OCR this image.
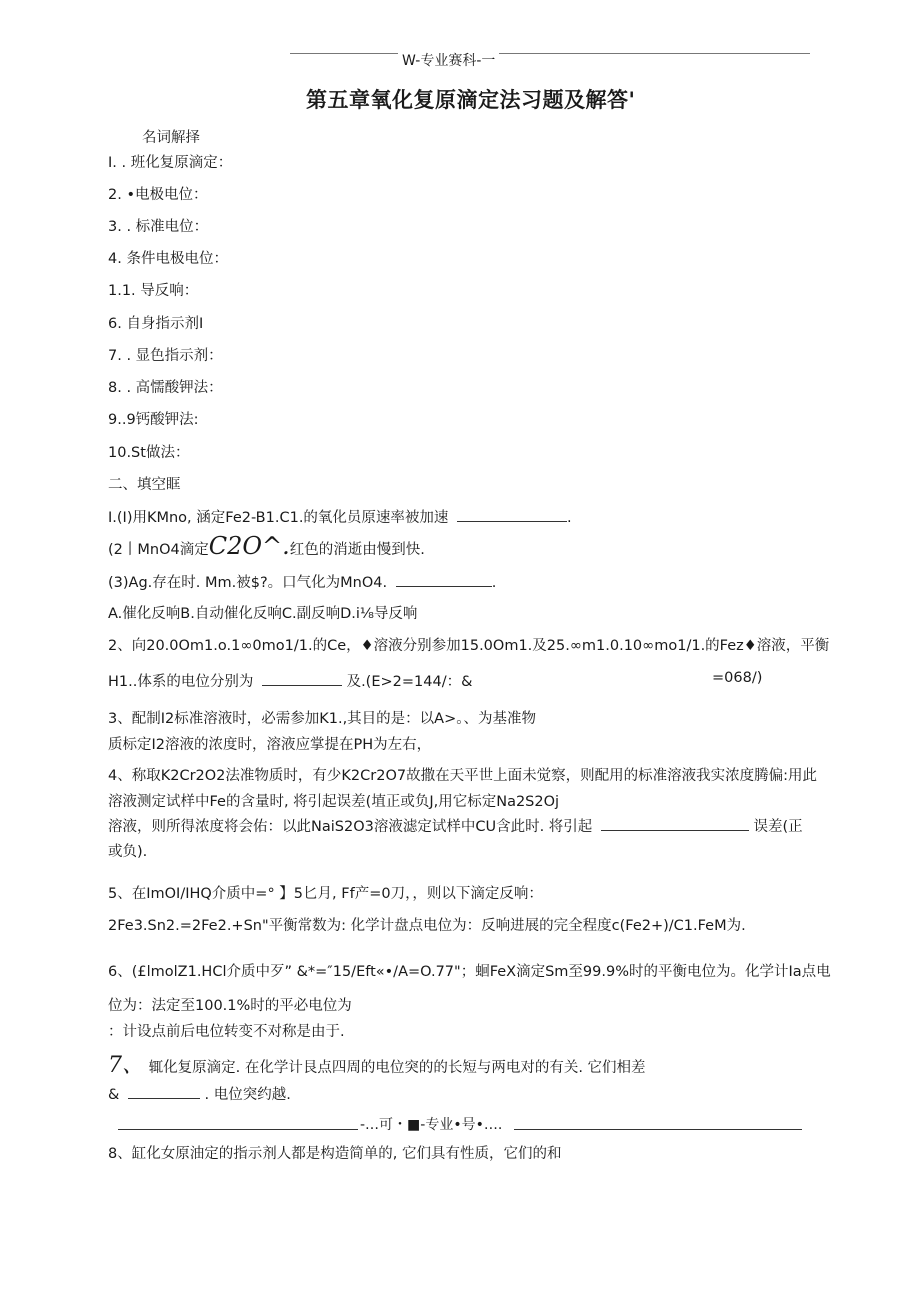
W-专业赛科-一
第五章氧化复原滴定法习题及解答'
名词解择
I. . 班化复原滴定：
2. •电极电位：
3. . 标准电位：
4. 条件电极电位：
1.1. 导反响：
6. 自身指示剂I
7. . 显色指示剂：
8. . 高懦酸钾法：
9..9钙酸钾法:
10.St做法：
二、填空眶
I.(I)用KMno, 涵定Fe2-B1.C1.的氧化员原速率被加速	.
(2丨MnO4滴定C2O^.红色的消逝由慢到快.
(3)Ag.存在时. Mm.被$?。口气化为MnO4.	.
A.催化反响B.自动催化反响C.副反响D.i⅛导反响
2、向20.0Om1.o.1∞0mo1∕1.的Ce，♦溶液分别参加15.0Om1.及25.∞m1.0.10∞mo1∕1.的Fez♦溶液，平衡
H1..体系的电位分别为	及.(E>2=144/：&	=068/)
3、配制I2标准溶液时，必需参加K1.,其目的是：以A>。、为基准物
质标定I2溶液的浓度时，溶液应掌提在PH为左右，
4、称取K2Cr2O2法准物质时，有少K2Cr2O7故撒在天平世上面未觉察，则配用的标准溶液我实浓度腾偏:用此
溶液测定试样中Fe的含量时, 将引起误差(埴正或负J,用它标定Na2S2Oj
溶液，则所得浓度将会佑：以此NaiS2O3溶液滤定试样中CU含此时. 将引起	误差(正
或负).
5、在ImOI/IHQ介质中=° 】5匕月, Ff产=0刀，，则以下滴定反响：
2Fe3.Sn2.=2Fe2.+Sn"平衡常数为: 化学计盘点电位为：反响进展的完全程度c(Fe2+)/C1.FeM为.
6、(£lmolZ1.HCl介质中歹” &*=″15/Eft«•/A=O.77"；蛔FeX滴定Sm至99.9%时的平衡电位为。化学计Ia点电
位为：法定至100.1%时的平必电位为
：计设点前后电位转变不对称是由于.
7、 辄化复原滴定. 在化学计艮点四周的电位突的的长短与两电对的有关. 它们相差
&	. 电位突约越.
-…可・■-专业•号•….
8、缸化女原油定的指示剂人都是构造简单的, 它们具有性质，它们的和
